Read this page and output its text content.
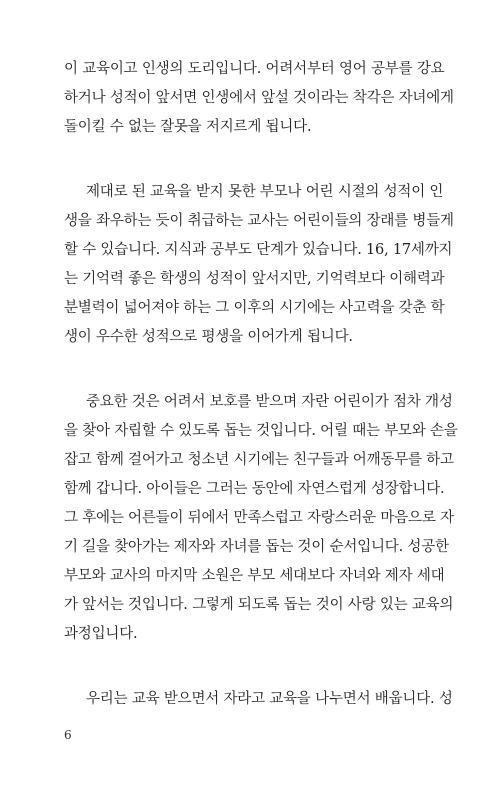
이 교육이고 인생의 도리입니다. 어려서부터 영어 공부를 강요
하거나 성적이 앞서면 인생에서 앞설 것이라는 착각은 자녀에게
돌이킬 수 없는 잘못을 저지르게 됩니다.
제대로 된 교육을 받지 못한 부모나 어린 시절의 성적이 인
생을 좌우하는 듯이 취급하는 교사는 어린이들의 장래를 병들게
할 수 있습니다. 지식과 공부도 단계가 있습니다. 16, 17세까지
는 기억력 좋은 학생의 성적이 앞서지만, 기억력보다 이해력과
분별력이 넓어져야 하는 그 이후의 시기에는 사고력을 갖춘 학
생이 우수한 성적으로 평생을 이어가게 됩니다.
중요한 것은 어려서 보호를 받으며 자란 어린이가 점차 개성
을 찾아 자립할 수 있도록 돕는 것입니다. 어릴 때는 부모와 손을
잡고 함께 걸어가고 청소년 시기에는 친구들과 어깨동무를 하고
함께 갑니다. 아이들은 그러는 동안에 자연스럽게 성장합니다.
그 후에는 어른들이 뒤에서 만족스럽고 자랑스러운 마음으로 자
기 길을 찾아가는 제자와 자녀를 돕는 것이 순서입니다. 성공한
부모와 교사의 마지막 소원은 부모 세대보다 자녀와 제자 세대
가 앞서는 것입니다. 그렇게 되도록 돕는 것이 사랑 있는 교육의
과정입니다.
우리는 교육 받으면서 자라고 교육을 나누면서 배웁니다. 성
6
